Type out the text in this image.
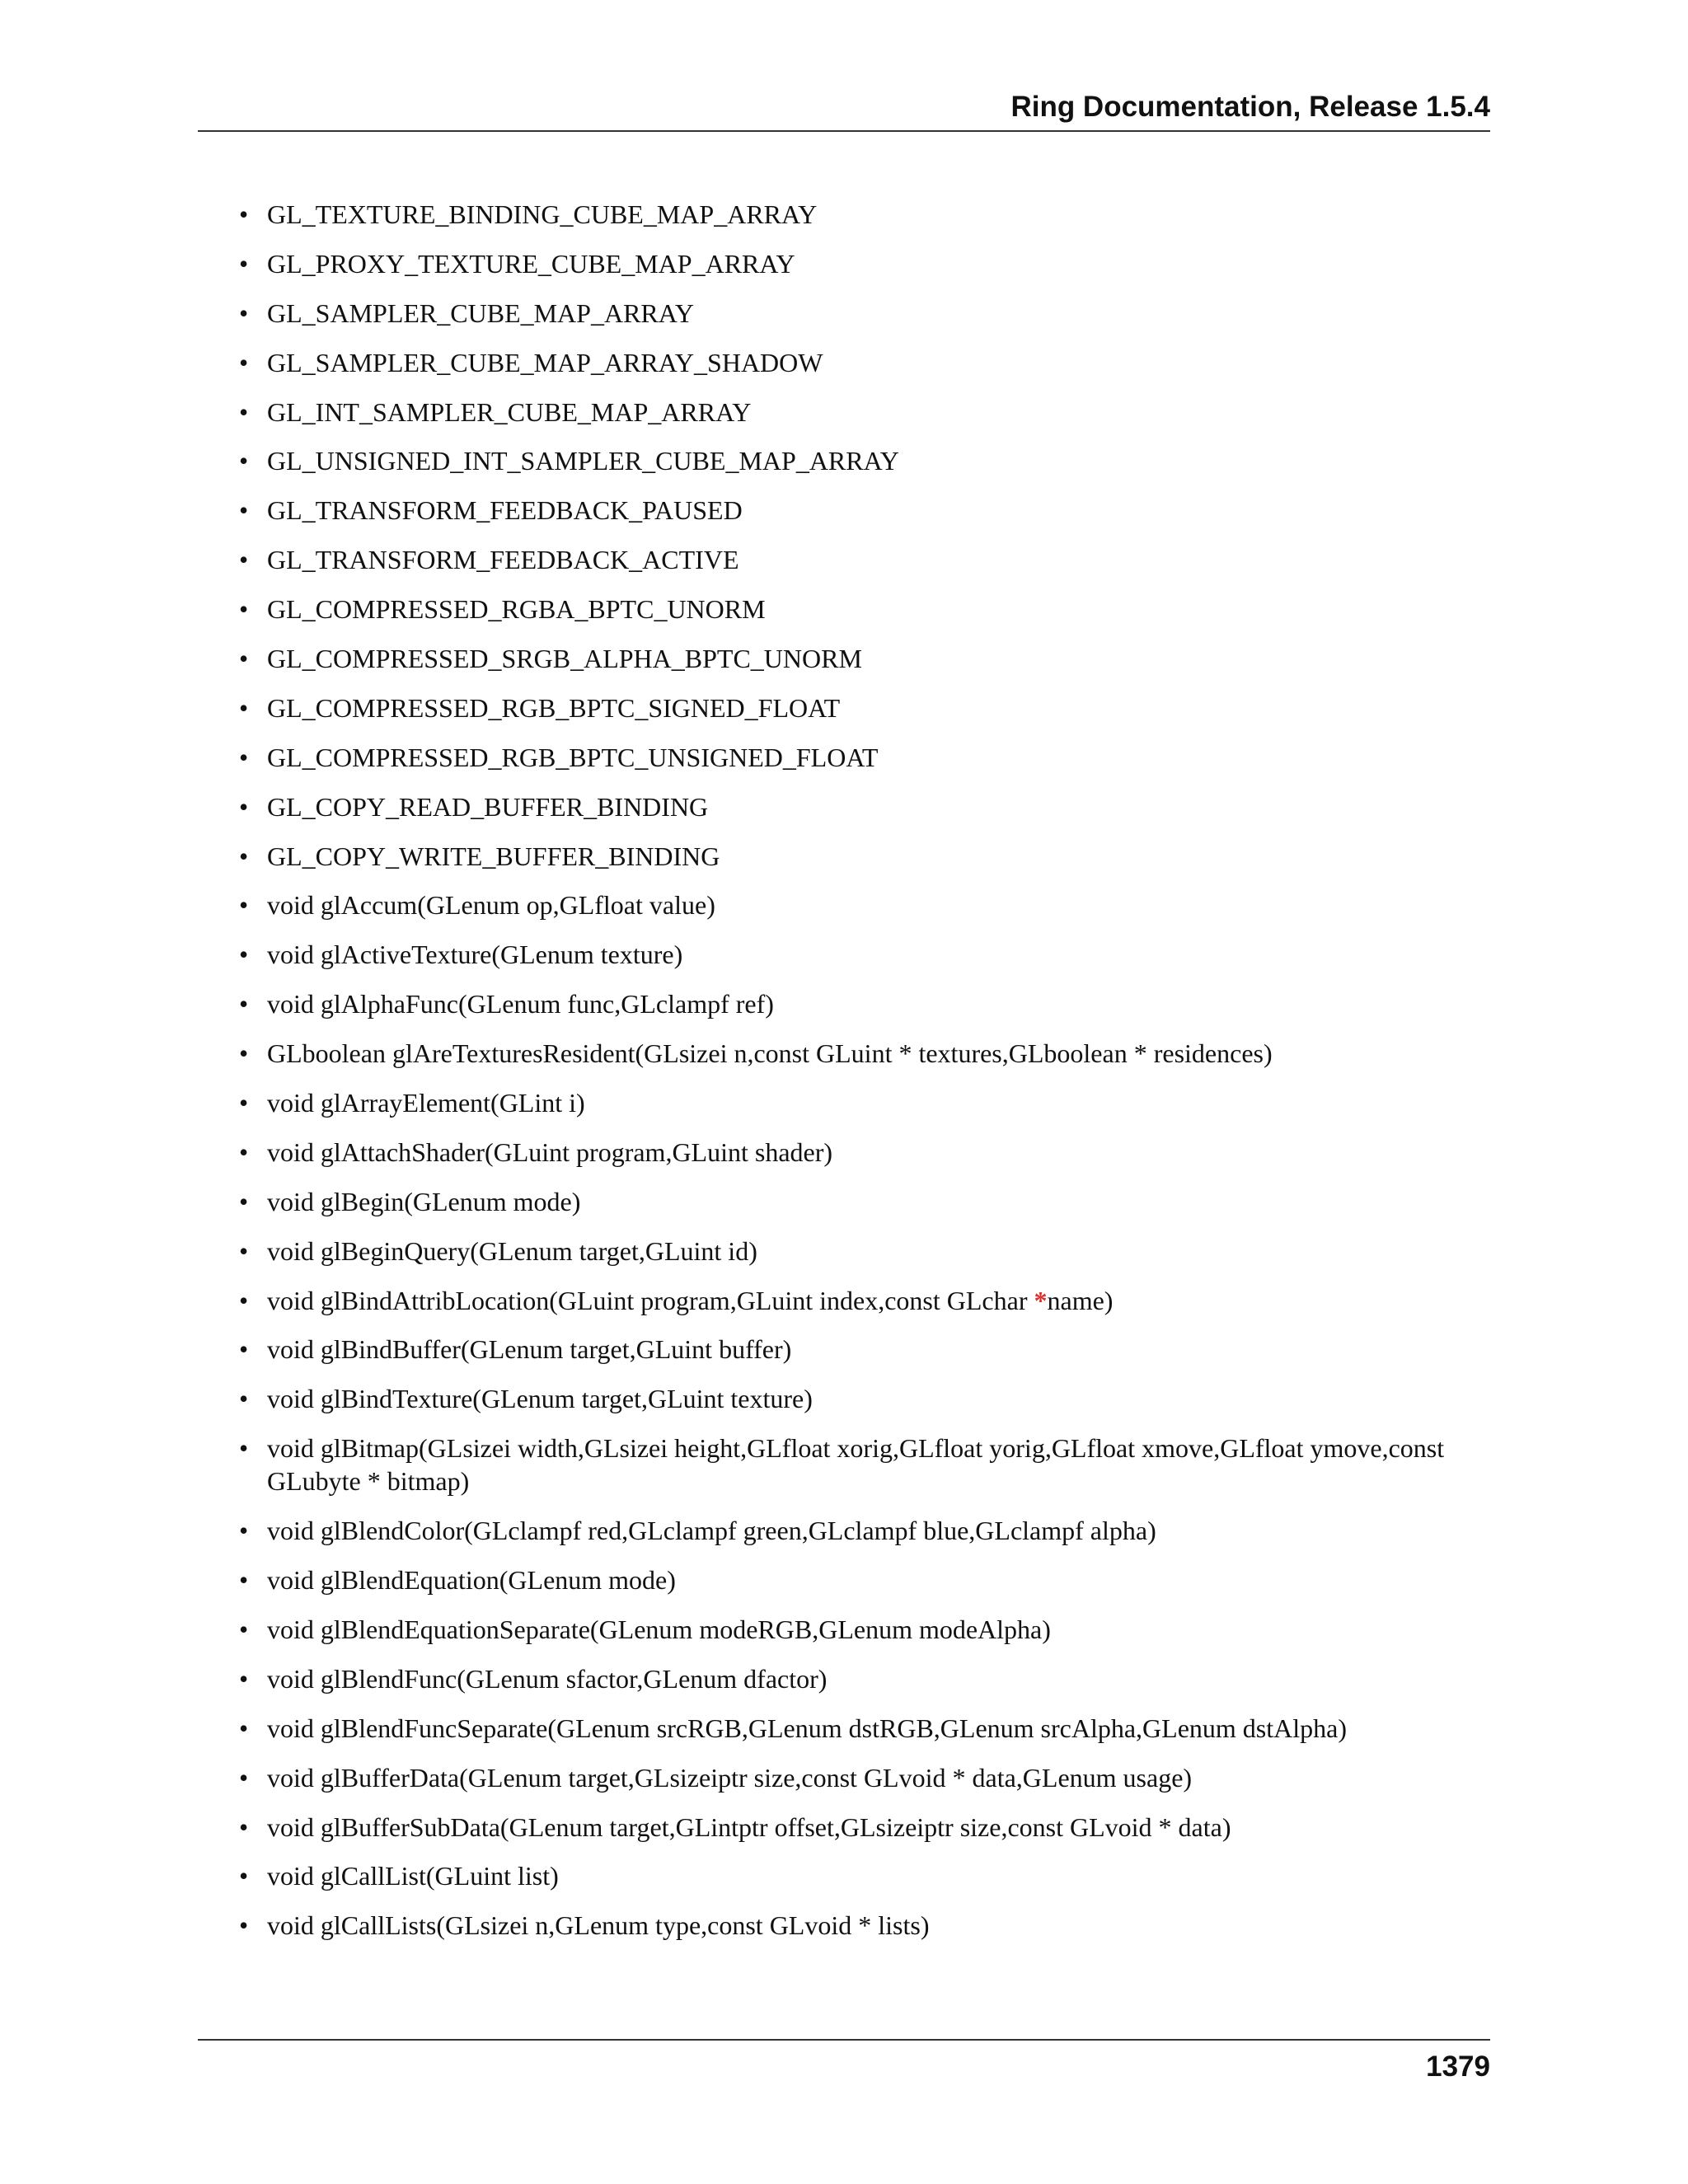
Ring Documentation, Release 1.5.4
• GL_TEXTURE_BINDING_CUBE_MAP_ARRAY
• GL_PROXY_TEXTURE_CUBE_MAP_ARRAY
• GL_SAMPLER_CUBE_MAP_ARRAY
• GL_SAMPLER_CUBE_MAP_ARRAY_SHADOW
• GL_INT_SAMPLER_CUBE_MAP_ARRAY
• GL_UNSIGNED_INT_SAMPLER_CUBE_MAP_ARRAY
• GL_TRANSFORM_FEEDBACK_PAUSED
• GL_TRANSFORM_FEEDBACK_ACTIVE
• GL_COMPRESSED_RGBA_BPTC_UNORM
• GL_COMPRESSED_SRGB_ALPHA_BPTC_UNORM
• GL_COMPRESSED_RGB_BPTC_SIGNED_FLOAT
• GL_COMPRESSED_RGB_BPTC_UNSIGNED_FLOAT
• GL_COPY_READ_BUFFER_BINDING
• GL_COPY_WRITE_BUFFER_BINDING
• void glAccum(GLenum op,GLfloat value)
• void glActiveTexture(GLenum texture)
• void glAlphaFunc(GLenum func,GLclampf ref)
• GLboolean glAreTexturesResident(GLsizei n,const GLuint * textures,GLboolean * residences)
• void glArrayElement(GLint i)
• void glAttachShader(GLuint program,GLuint shader)
• void glBegin(GLenum mode)
• void glBeginQuery(GLenum target,GLuint id)
• void glBindAttribLocation(GLuint program,GLuint index,const GLchar *name)
• void glBindBuffer(GLenum target,GLuint buffer)
• void glBindTexture(GLenum target,GLuint texture)
• void glBitmap(GLsizei width,GLsizei height,GLfloat xorig,GLfloat yorig,GLfloat xmove,GLfloat ymove,const GLubyte * bitmap)
• void glBlendColor(GLclampf red,GLclampf green,GLclampf blue,GLclampf alpha)
• void glBlendEquation(GLenum mode)
• void glBlendEquationSeparate(GLenum modeRGB,GLenum modeAlpha)
• void glBlendFunc(GLenum sfactor,GLenum dfactor)
• void glBlendFuncSeparate(GLenum srcRGB,GLenum dstRGB,GLenum srcAlpha,GLenum dstAlpha)
• void glBufferData(GLenum target,GLsizeiptr size,const GLvoid * data,GLenum usage)
• void glBufferSubData(GLenum target,GLintptr offset,GLsizeiptr size,const GLvoid * data)
• void glCallList(GLuint list)
• void glCallLists(GLsizei n,GLenum type,const GLvoid * lists)
1379
